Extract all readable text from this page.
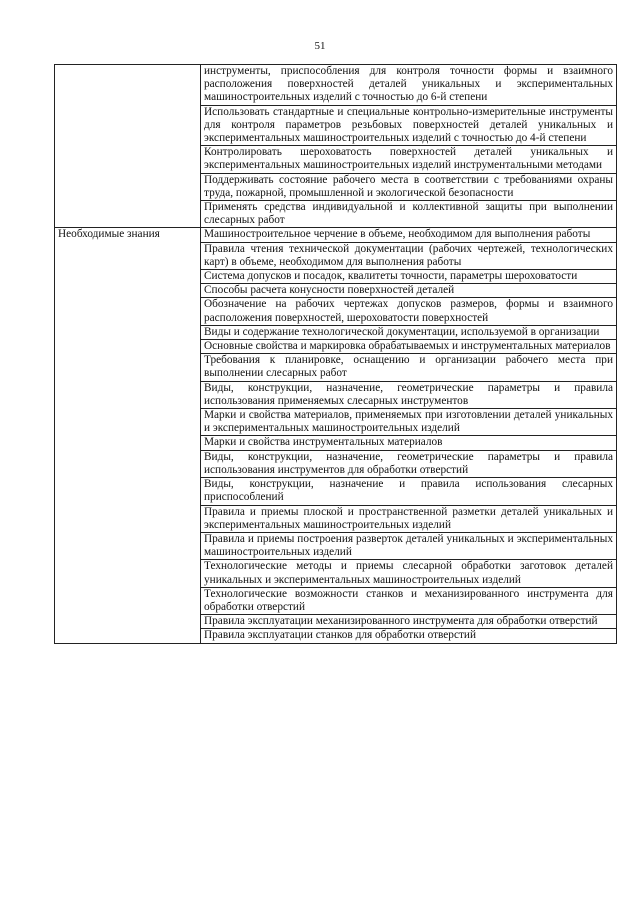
51
	инструменты, приспособления для контроля точности формы и взаимного расположения поверхностей деталей уникальных и экспериментальных машиностроительных изделий с точностью до 6-й степени
	Использовать стандартные и специальные контрольно-измерительные инструменты для контроля параметров резьбовых поверхностей деталей уникальных и экспериментальных машиностроительных изделий с точностью до 4-й степени
	Контролировать шероховатость поверхностей деталей уникальных и экспериментальных машиностроительных изделий инструментальными методами
	Поддерживать состояние рабочего места в соответствии с требованиями охраны труда, пожарной, промышленной и экологической безопасности
	Применять средства индивидуальной и коллективной защиты при выполнении слесарных работ
Необходимые знания	Машиностроительное черчение в объеме, необходимом для выполнения работы
	Правила чтения технической документации (рабочих чертежей, технологических карт) в объеме, необходимом для выполнения работы
	Система допусков и посадок, квалитеты точности, параметры шероховатости
	Способы расчета конусности поверхностей деталей
	Обозначение на рабочих чертежах допусков размеров, формы и взаимного расположения поверхностей, шероховатости поверхностей
	Виды и содержание технологической документации, используемой в организации
	Основные свойства и маркировка обрабатываемых и инструментальных материалов
	Требования к планировке, оснащению и организации рабочего места при выполнении слесарных работ
	Виды, конструкции, назначение, геометрические параметры и правила использования применяемых слесарных инструментов
	Марки и свойства материалов, применяемых при изготовлении деталей уникальных и экспериментальных машиностроительных изделий
	Марки и свойства инструментальных материалов
	Виды, конструкции, назначение, геометрические параметры и правила использования инструментов для обработки отверстий
	Виды, конструкции, назначение и правила использования слесарных приспособлений
	Правила и приемы плоской и пространственной разметки деталей уникальных и экспериментальных машиностроительных изделий
	Правила и приемы построения разверток деталей уникальных и экспериментальных машиностроительных изделий
	Технологические методы и приемы слесарной обработки заготовок деталей уникальных и экспериментальных машиностроительных изделий
	Технологические возможности станков и механизированного инструмента для обработки отверстий
	Правила эксплуатации механизированного инструмента для обработки отверстий
	Правила эксплуатации станков для обработки отверстий
